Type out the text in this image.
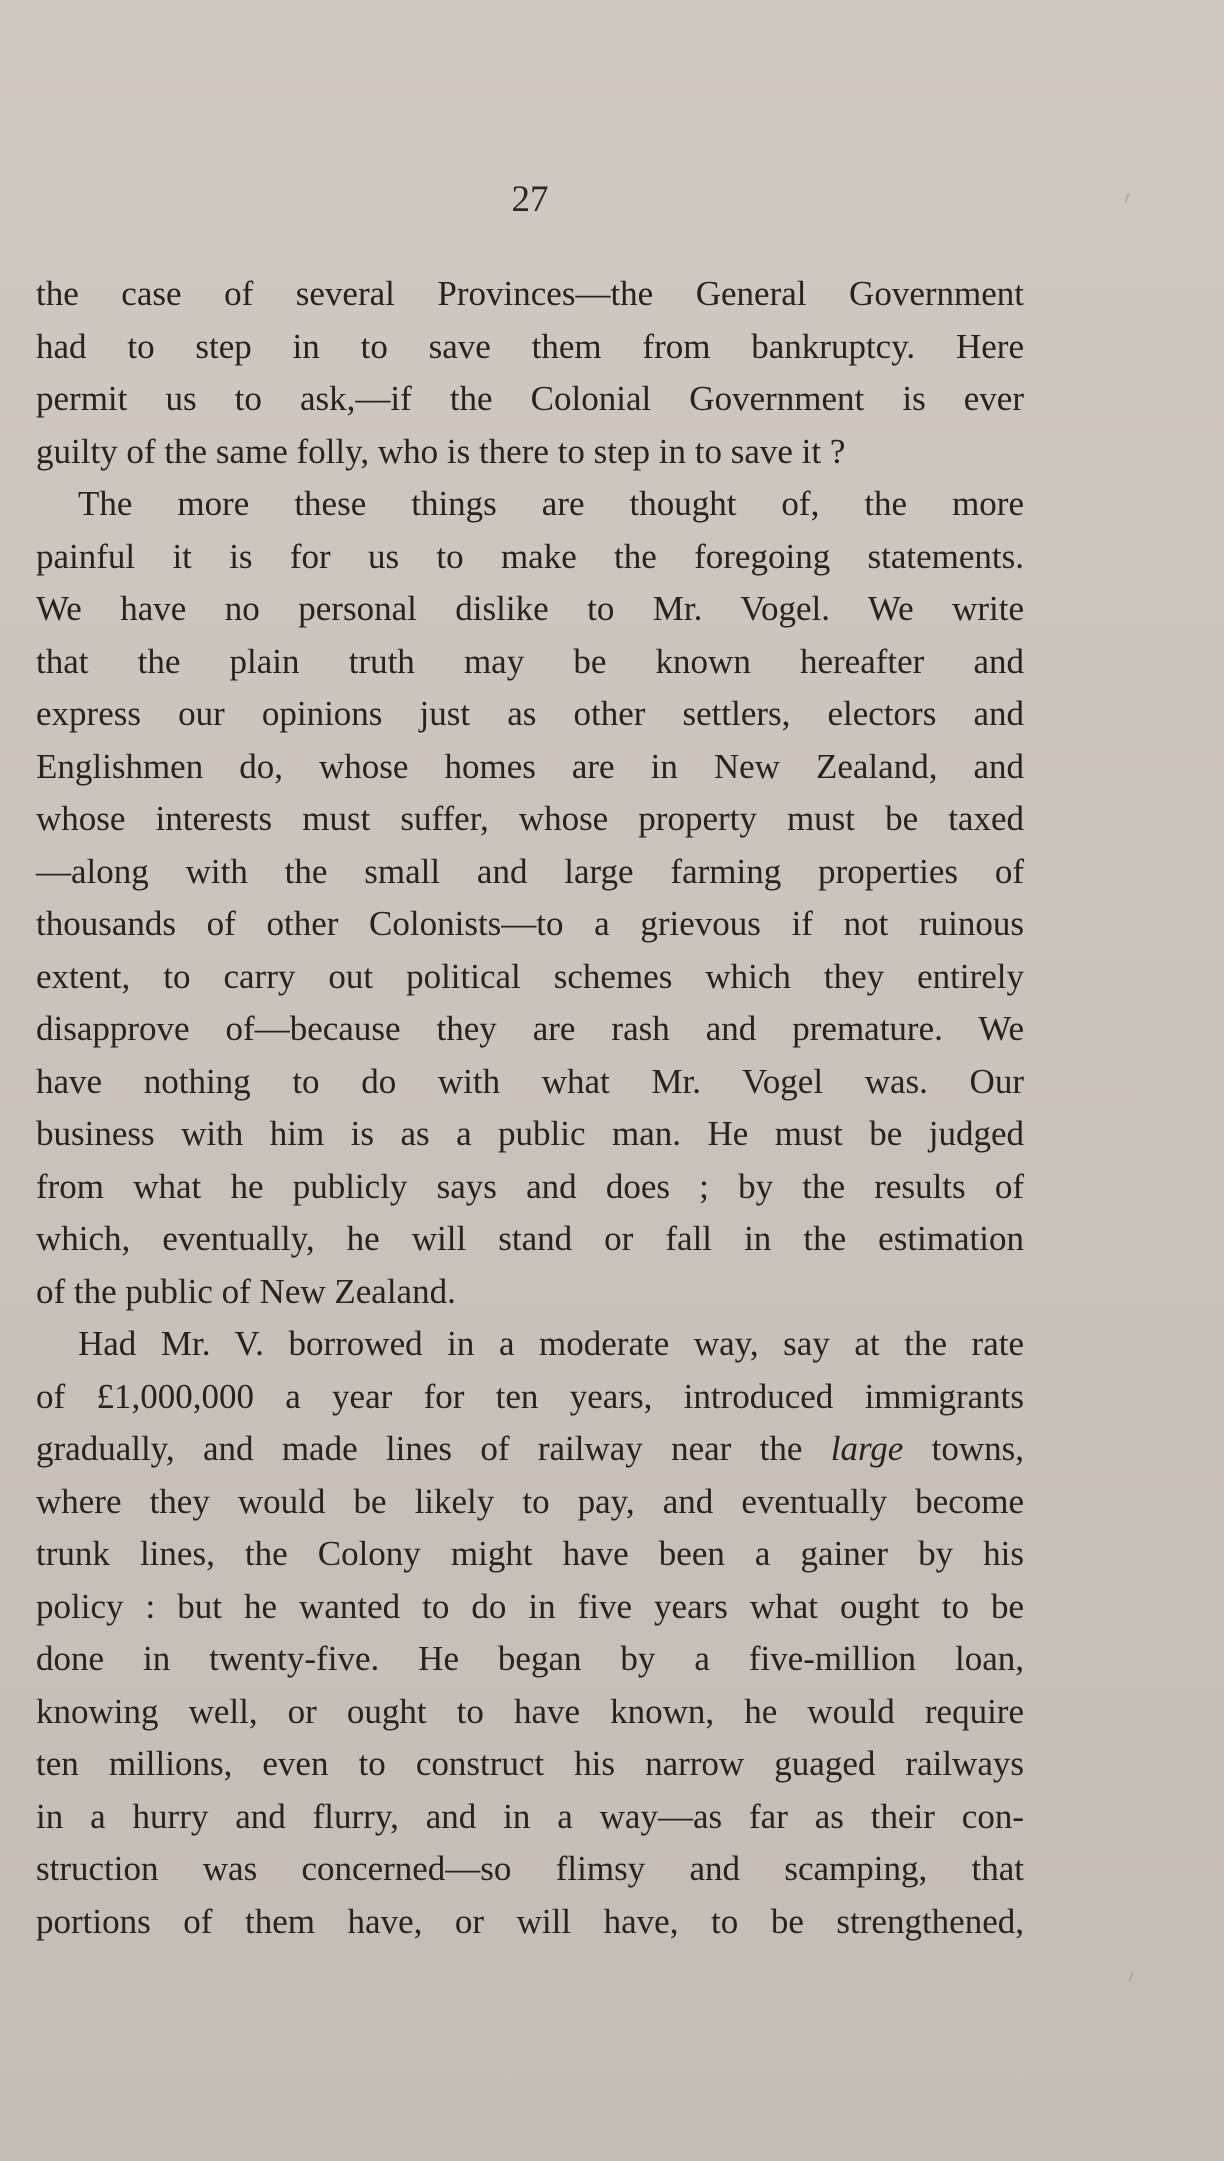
27
the case of several Provinces—the General Government
had to step in to save them from bankruptcy. Here
permit us to ask,—if the Colonial Government is ever
guilty of the same folly, who is there to step in to save it ?
The more these things are thought of, the more
painful it is for us to make the foregoing statements.
We have no personal dislike to Mr. Vogel. We write
that the plain truth may be known hereafter and
express our opinions just as other settlers, electors and
Englishmen do, whose homes are in New Zealand, and
whose interests must suffer, whose property must be taxed
—along with the small and large farming properties of
thousands of other Colonists—to a grievous if not ruinous
extent, to carry out political schemes which they entirely
disapprove of—because they are rash and premature. We
have nothing to do with what Mr. Vogel was. Our
business with him is as a public man. He must be judged
from what he publicly says and does ; by the results of
which, eventually, he will stand or fall in the estimation
of the public of New Zealand.
Had Mr. V. borrowed in a moderate way, say at the rate
of £1,000,000 a year for ten years, introduced immigrants
gradually, and made lines of railway near the large towns,
where they would be likely to pay, and eventually become
trunk lines, the Colony might have been a gainer by his
policy : but he wanted to do in five years what ought to be
done in twenty-five. He began by a five-million loan,
knowing well, or ought to have known, he would require
ten millions, even to construct his narrow guaged railways
in a hurry and flurry, and in a way—as far as their con-
struction was concerned—so flimsy and scamping, that
portions of them have, or will have, to be strengthened,
